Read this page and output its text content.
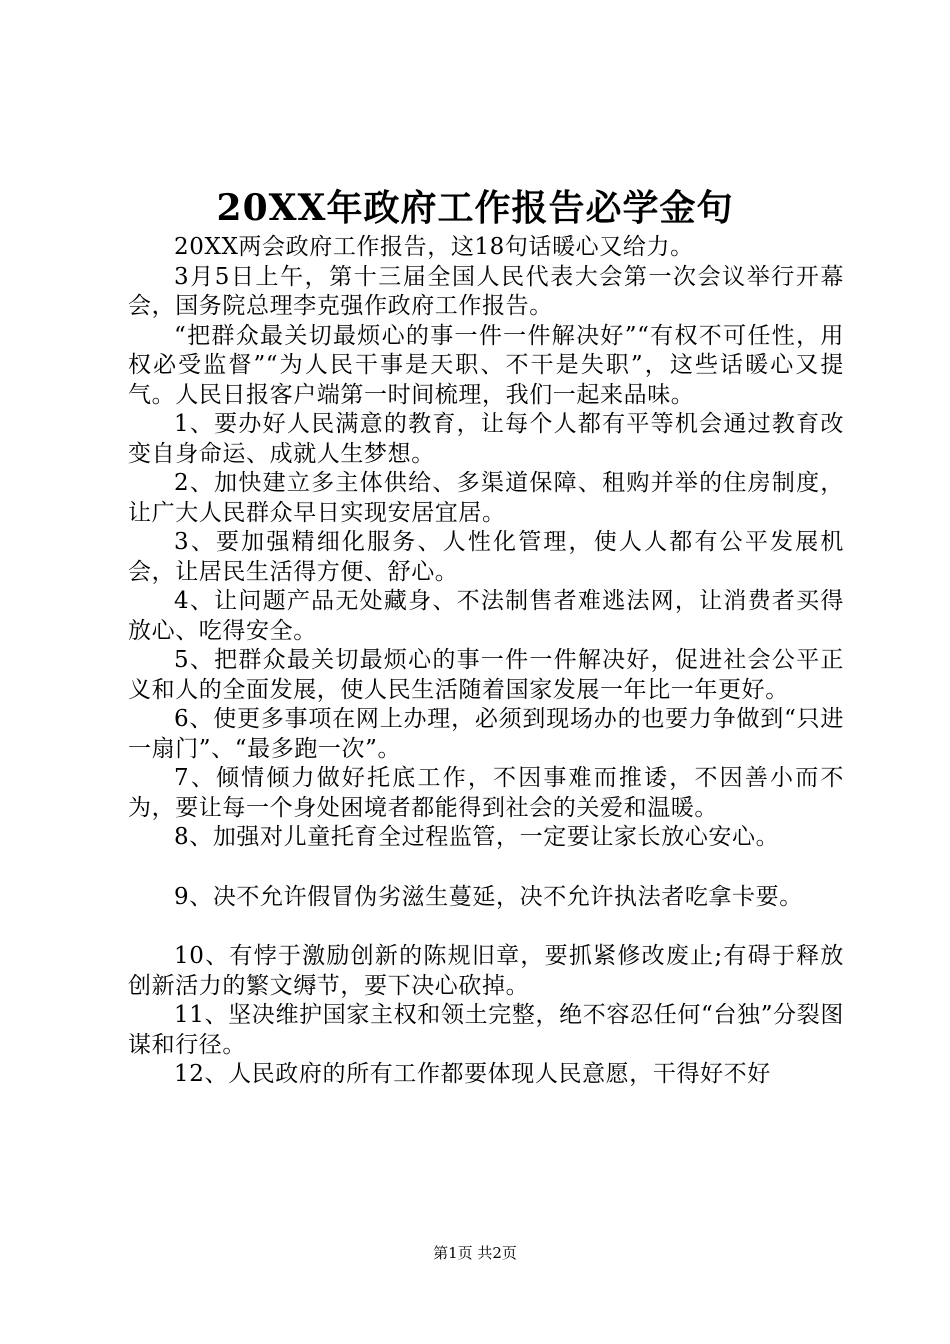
20XX年政府工作报告必学金句

20XX两会政府工作报告，这18句话暖心又给力。

3月5日上午，第十三届全国人民代表大会第一次会议举行开幕会，国务院总理李克强作政府工作报告。

“把群众最关切最烦心的事一件一件解决好”“有权不可任性，用权必受监督”“为人民干事是天职、不干是失职”，这些话暖心又提气。人民日报客户端第一时间梳理，我们一起来品味。

1、要办好人民满意的教育，让每个人都有平等机会通过教育改变自身命运、成就人生梦想。

2、加快建立多主体供给、多渠道保障、租购并举的住房制度，让广大人民群众早日实现安居宜居。

3、要加强精细化服务、人性化管理，使人人都有公平发展机会，让居民生活得方便、舒心。

4、让问题产品无处藏身、不法制售者难逃法网，让消费者买得放心、吃得安全。

5、把群众最关切最烦心的事一件一件解决好，促进社会公平正义和人的全面发展，使人民生活随着国家发展一年比一年更好。

6、使更多事项在网上办理，必须到现场办的也要力争做到“只进一扇门”、“最多跑一次”。

7、倾情倾力做好托底工作，不因事难而推诿，不因善小而不为，要让每一个身处困境者都能得到社会的关爱和温暖。

8、加强对儿童托育全过程监管，一定要让家长放心安心。

9、决不允许假冒伪劣滋生蔓延，决不允许执法者吃拿卡要。

10、有悖于激励创新的陈规旧章，要抓紧修改废止;有碍于释放创新活力的繁文缛节，要下决心砍掉。

11、坚决维护国家主权和领土完整，绝不容忍任何“台独”分裂图谋和行径。

12、人民政府的所有工作都要体现人民意愿，干得好不好

第1页 共2页
